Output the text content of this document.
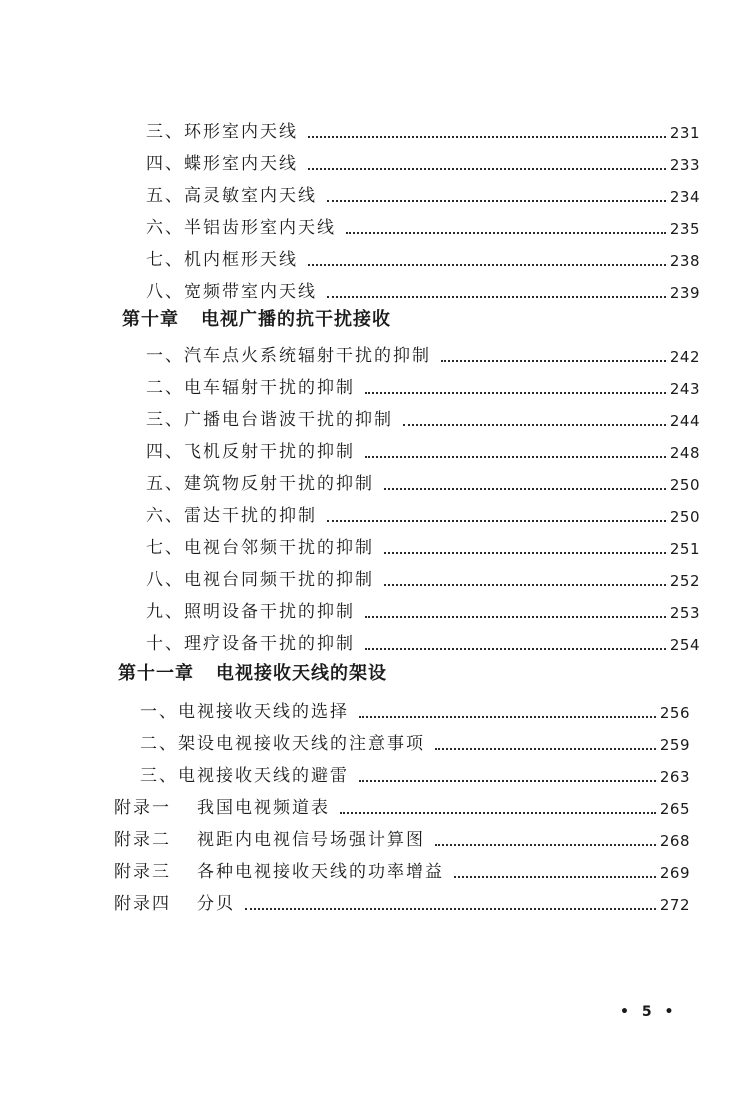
三、环形室内天线	231
四、蝶形室内天线	233
五、高灵敏室内天线	234
六、半铝齿形室内天线	235
七、机内框形天线	238
八、宽频带室内天线	239
第十章 电视广播的抗干扰接收
一、汽车点火系统辐射干扰的抑制	242
二、电车辐射干扰的抑制	243
三、广播电台谐波干扰的抑制	244
四、飞机反射干扰的抑制	248
五、建筑物反射干扰的抑制	250
六、雷达干扰的抑制	250
七、电视台邻频干扰的抑制	251
八、电视台同频干扰的抑制	252
九、照明设备干扰的抑制	253
十、理疗设备干扰的抑制	254
第十一章 电视接收天线的架设
一、电视接收天线的选择	256
二、架设电视接收天线的注意事项	259
三、电视接收天线的避雷	263
附录一 我国电视频道表	265
附录二 视距内电视信号场强计算图	268
附录三 各种电视接收天线的功率增益	269
附录四 分贝	272
• 5 •
